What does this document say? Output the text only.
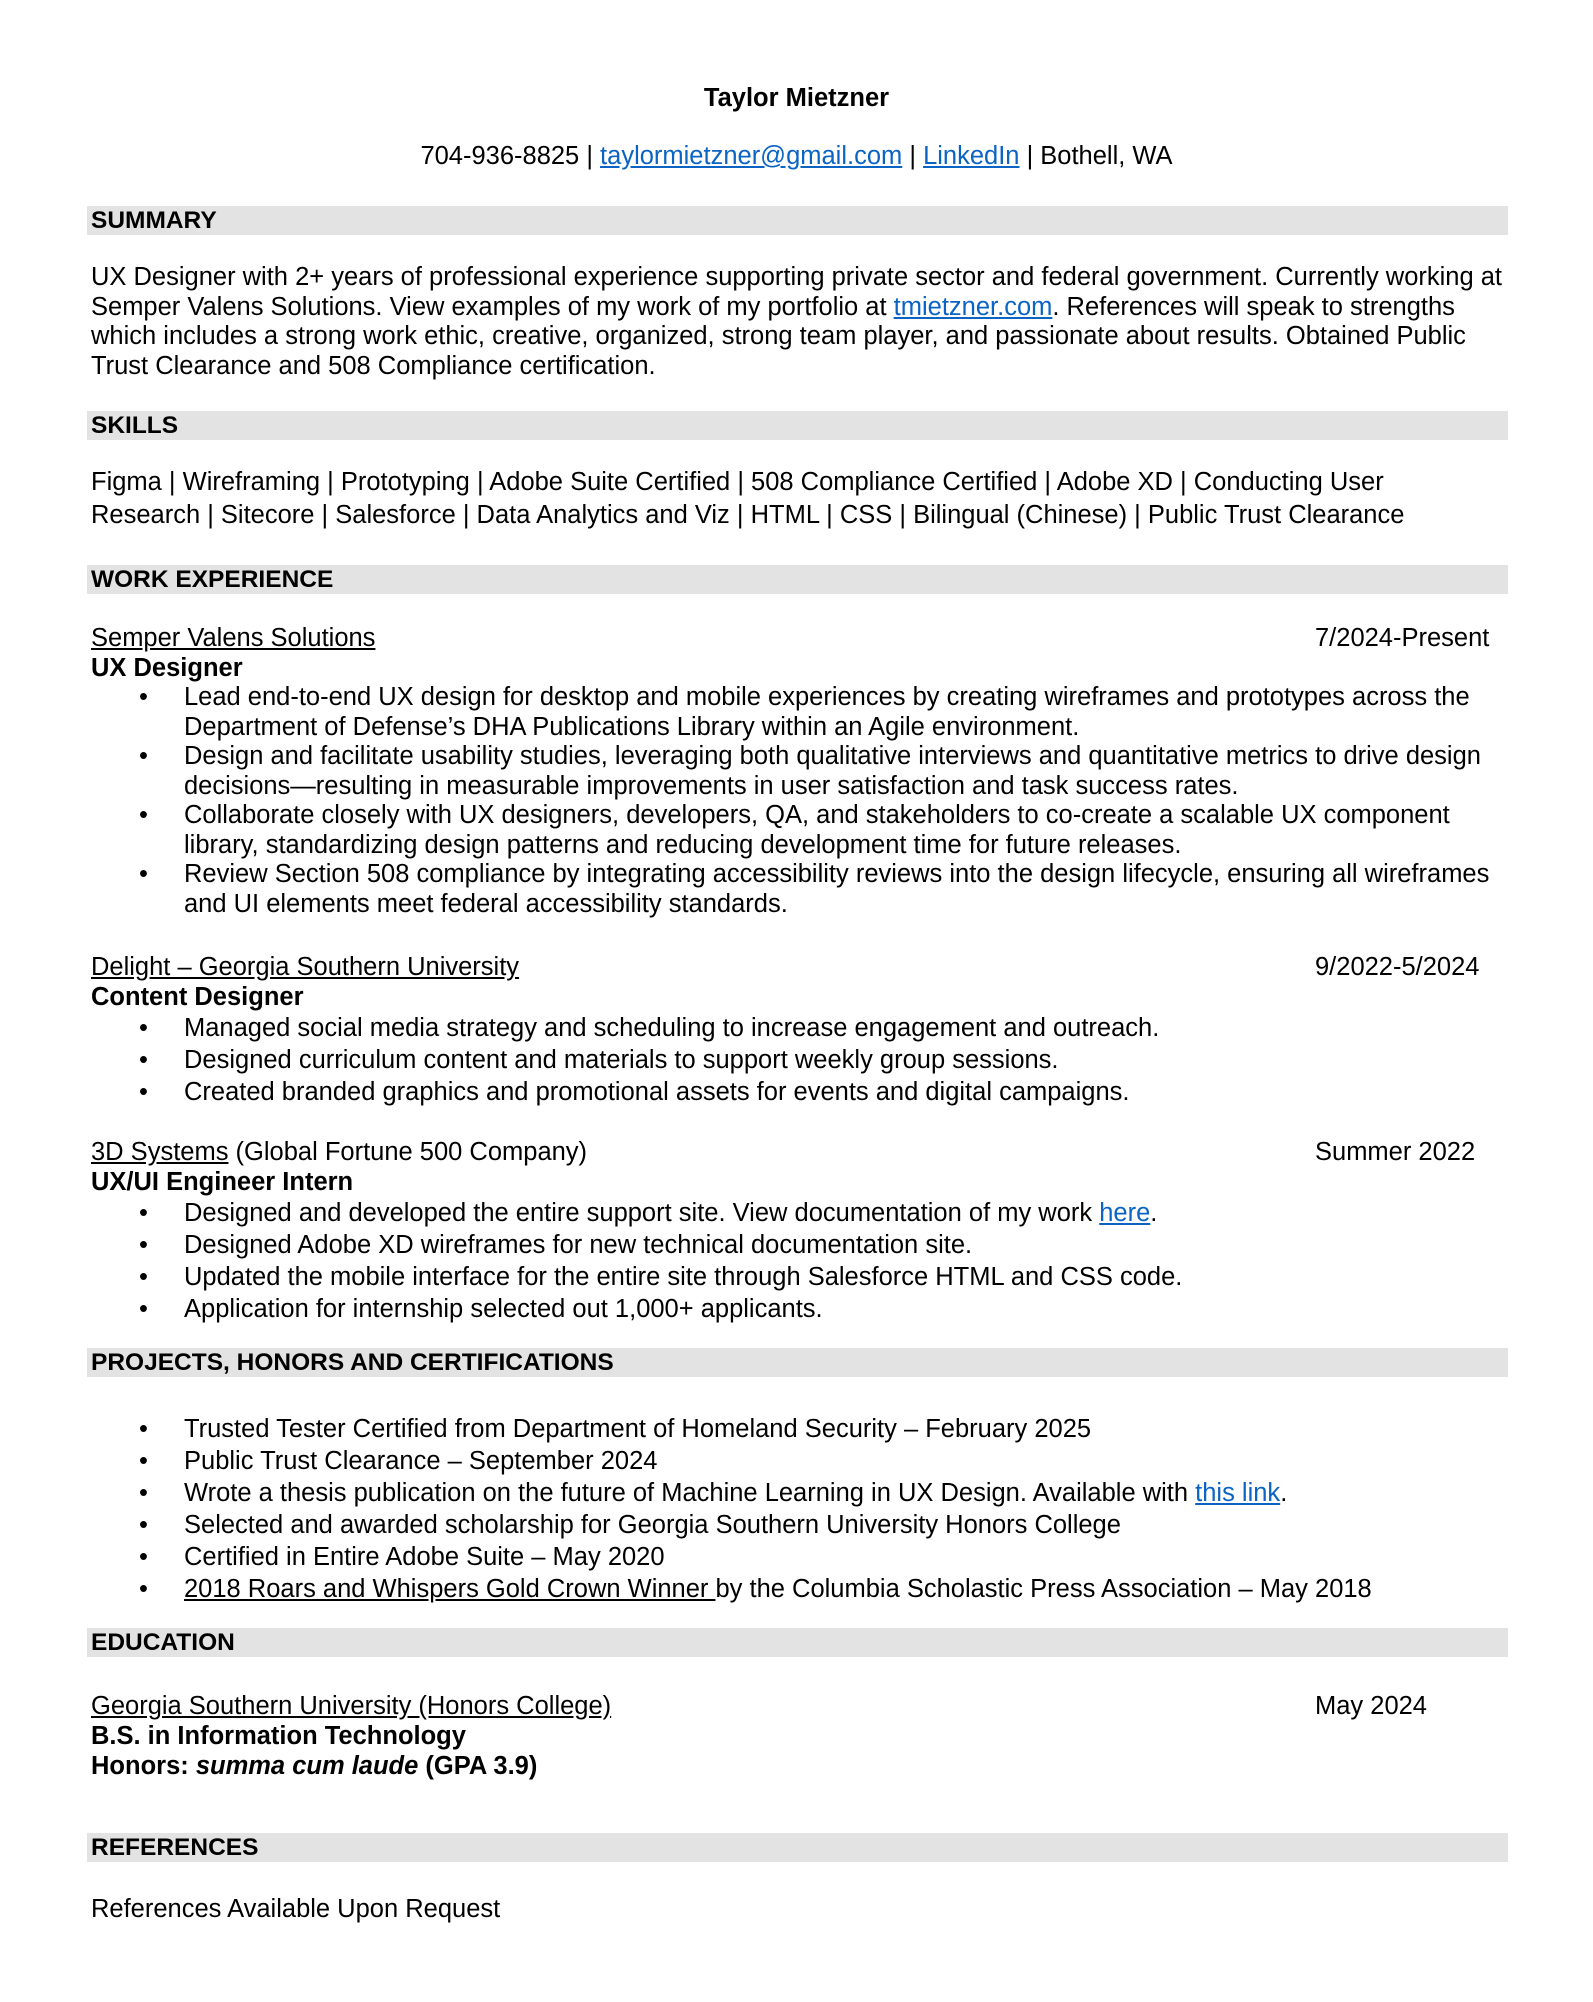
Taylor Mietzner
704-936-8825 | taylormietzner@gmail.com | LinkedIn | Bothell, WA
SUMMARY
UX Designer with 2+ years of professional experience supporting private sector and federal government. Currently working at Semper Valens Solutions. View examples of my work of my portfolio at tmietzner.com. References will speak to strengths which includes a strong work ethic, creative, organized, strong team player, and passionate about results. Obtained Public Trust Clearance and 508 Compliance certification.
SKILLS
Figma | Wireframing | Prototyping | Adobe Suite Certified | 508 Compliance Certified | Adobe XD | Conducting User
Research | Sitecore | Salesforce | Data Analytics and Viz | HTML | CSS | Bilingual (Chinese) | Public Trust Clearance
WORK EXPERIENCE
Semper Valens Solutions
UX Designer
• Lead end-to-end UX design for desktop and mobile experiences by creating wireframes and prototypes across the Department of Defense’s DHA Publications Library within an Agile environment.
• Design and facilitate usability studies, leveraging both qualitative interviews and quantitative metrics to drive design decisions—resulting in measurable improvements in user satisfaction and task success rates.
• Collaborate closely with UX designers, developers, QA, and stakeholders to co-create a scalable UX component library, standardizing design patterns and reducing development time for future releases.
• Review Section 508 compliance by integrating accessibility reviews into the design lifecycle, ensuring all wireframes and UI elements meet federal accessibility standards.
7/2024-Present
Delight – Georgia Southern University
Content Designer
• Managed social media strategy and scheduling to increase engagement and outreach.
• Designed curriculum content and materials to support weekly group sessions.
• Created branded graphics and promotional assets for events and digital campaigns.
9/2022-5/2024
3D Systems (Global Fortune 500 Company)
UX/UI Engineer Intern
• Designed and developed the entire support site. View documentation of my work here.
• Designed Adobe XD wireframes for new technical documentation site.
• Updated the mobile interface for the entire site through Salesforce HTML and CSS code.
• Application for internship selected out 1,000+ applicants.
Summer 2022
PROJECTS, HONORS AND CERTIFICATIONS
• Trusted Tester Certified from Department of Homeland Security – February 2025
• Public Trust Clearance – September 2024
• Wrote a thesis publication on the future of Machine Learning in UX Design. Available with this link.
• Selected and awarded scholarship for Georgia Southern University Honors College
• Certified in Entire Adobe Suite – May 2020
• 2018 Roars and Whispers Gold Crown Winner by the Columbia Scholastic Press Association – May 2018
EDUCATION
Georgia Southern University (Honors College)
B.S. in Information Technology
Honors: summa cum laude (GPA 3.9)
May 2024
REFERENCES
References Available Upon Request
